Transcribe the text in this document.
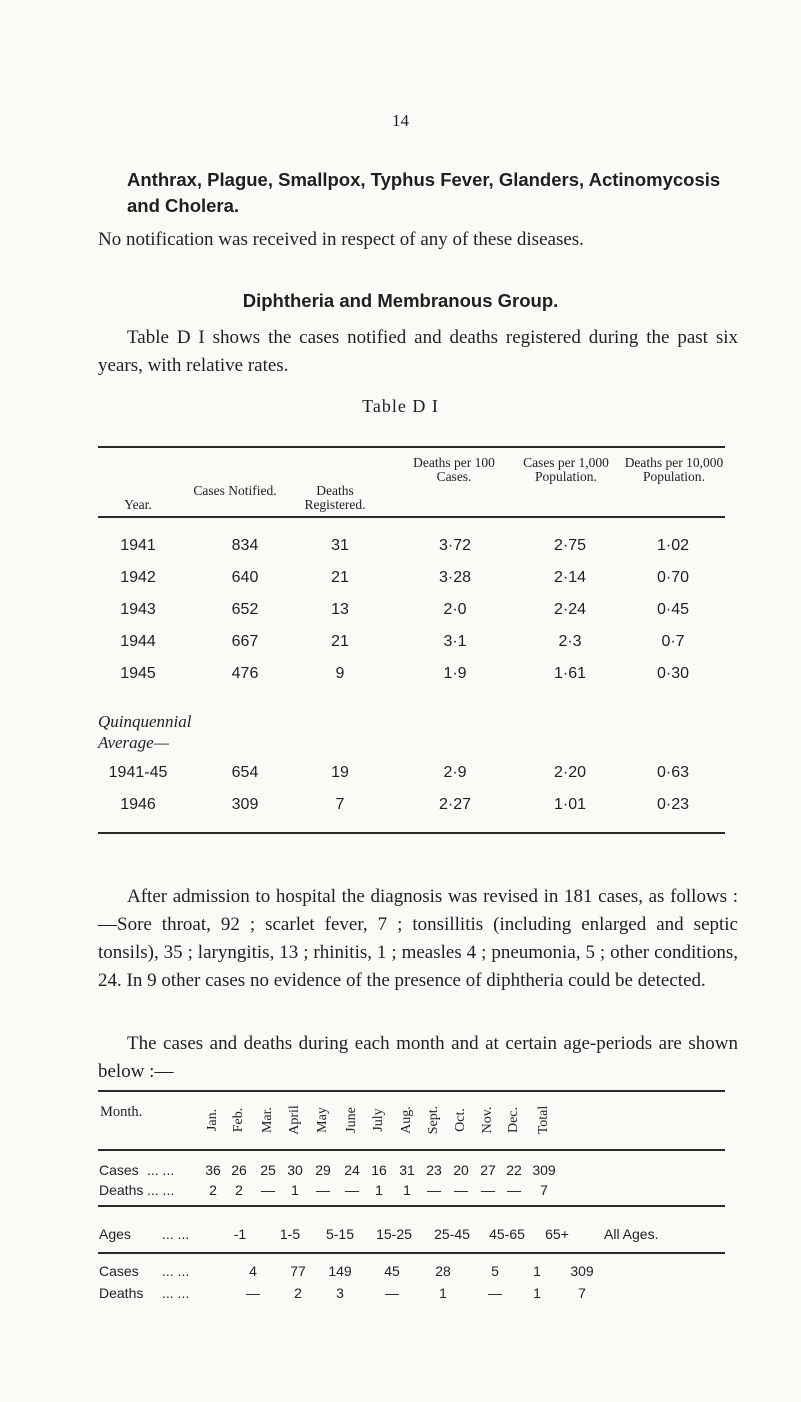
14
Anthrax, Plague, Smallpox, Typhus Fever, Glanders, Actinomycosis and Cholera.
No notification was received in respect of any of these diseases.
Diphtheria and Membranous Group.
Table D I shows the cases notified and deaths registered during the past six years, with relative rates.
Table D I
Year.
Cases Notified.	Deaths Registered.
Deaths per 100 Cases.
Cases per 1,000 Population.
Deaths per 10,000 Population.
1941	834	31	3·72	2·75	1·02
1942	640	21	3·28	2·14	0·70
1943	652	13	2·0	2·24	0·45
1944	667	21	3·1	2·3	0·7
1945	476	9	1·9	1·61	0·30
Quinquennial Average—
1941-45	654	19	2·9	2·20	0·63
1946	309	7	2·27	1·01	0·23
After admission to hospital the diagnosis was revised in 181 cases, as follows :—Sore throat, 92 ; scarlet fever, 7 ; tonsillitis (including enlarged and septic tonsils), 35 ; laryngitis, 13 ; rhinitis, 1 ; measles 4 ; pneumonia, 5 ; other conditions, 24. In 9 other cases no evidence of the presence of diphtheria could be detected.
The cases and deaths during each month and at certain age-periods are shown below :—
Month.	Jan. Feb. Mar. April May June July Aug. Sept. Oct. Nov. Dec. Total
Cases ... ...	36 26 25 30 29 24 16 31 23 20 27 22 309
Deaths ... ...	2	2	—	1	—	—	1	1	— — — —	7
Ages ... ...	-1	1-5	5-15	15-25 25-45 45-65	65+	All Ages.
Cases ... ...	4	77	149	45	28	5	1	309
Deaths ... ...	—	2	3	—	1	—	1	7
